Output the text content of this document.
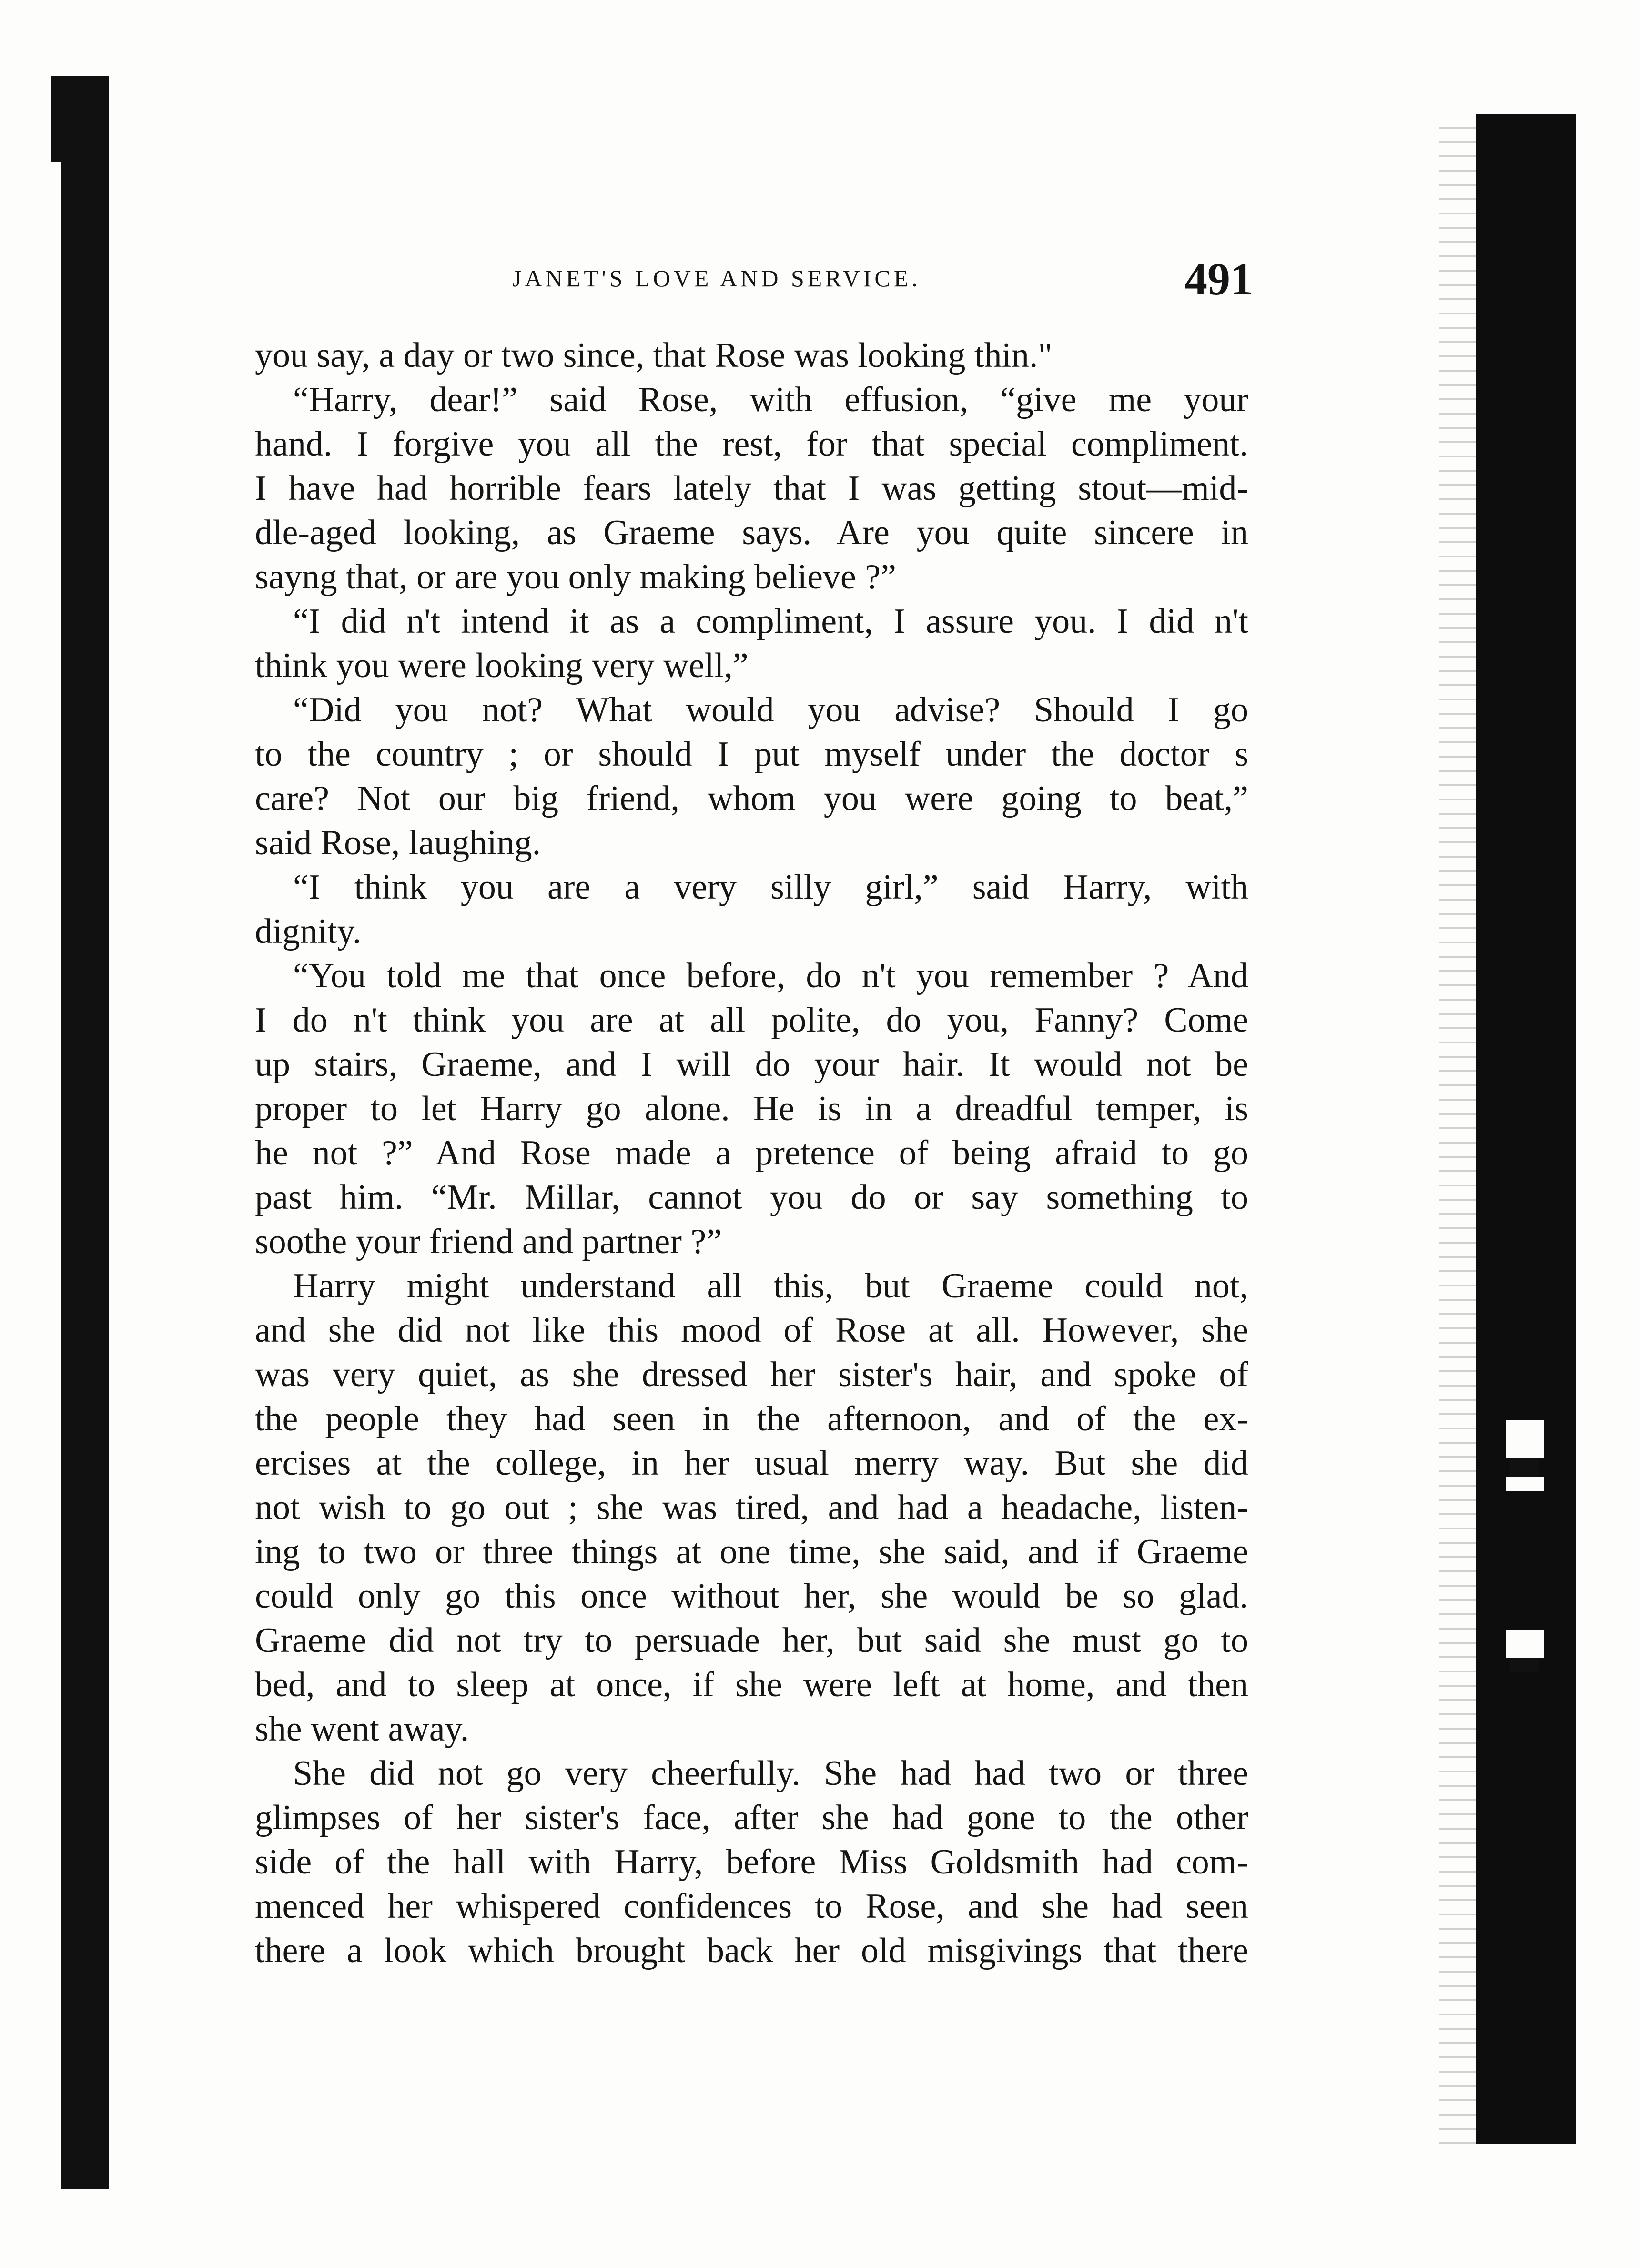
JANET'S LOVE AND SERVICE.	491
you say, a day or two since, that Rose was looking thin."
“Harry, dear!” said Rose, with effusion, “give me your
hand. I forgive you all the rest, for that special compliment.
I have had horrible fears lately that I was getting stout—mid-
dle-aged looking, as Graeme says. Are you quite sincere in
sayng that, or are you only making believe ?”
“I did n't intend it as a compliment, I assure you. I did n't
think you were looking very well,”
“Did you not? What would you advise? Should I go
to the country ; or should I put myself under the doctor s
care? Not our big friend, whom you were going to beat,”
said Rose, laughing.
“I think you are a very silly girl,” said Harry, with
dignity.
“You told me that once before, do n't you remember ? And
I do n't think you are at all polite, do you, Fanny? Come
up stairs, Graeme, and I will do your hair. It would not be
proper to let Harry go alone. He is in a dreadful temper, is
he not ?” And Rose made a pretence of being afraid to go
past him. “Mr. Millar, cannot you do or say something to
soothe your friend and partner ?”
Harry might understand all this, but Graeme could not,
and she did not like this mood of Rose at all. However, she
was very quiet, as she dressed her sister's hair, and spoke of
the people they had seen in the afternoon, and of the ex-
ercises at the college, in her usual merry way. But she did
not wish to go out ; she was tired, and had a headache, listen-
ing to two or three things at one time, she said, and if Graeme
could only go this once without her, she would be so glad.
Graeme did not try to persuade her, but said she must go to
bed, and to sleep at once, if she were left at home, and then
she went away.
She did not go very cheerfully. She had had two or three
glimpses of her sister's face, after she had gone to the other
side of the hall with Harry, before Miss Goldsmith had com-
menced her whispered confidences to Rose, and she had seen
there a look which brought back her old misgivings that there
